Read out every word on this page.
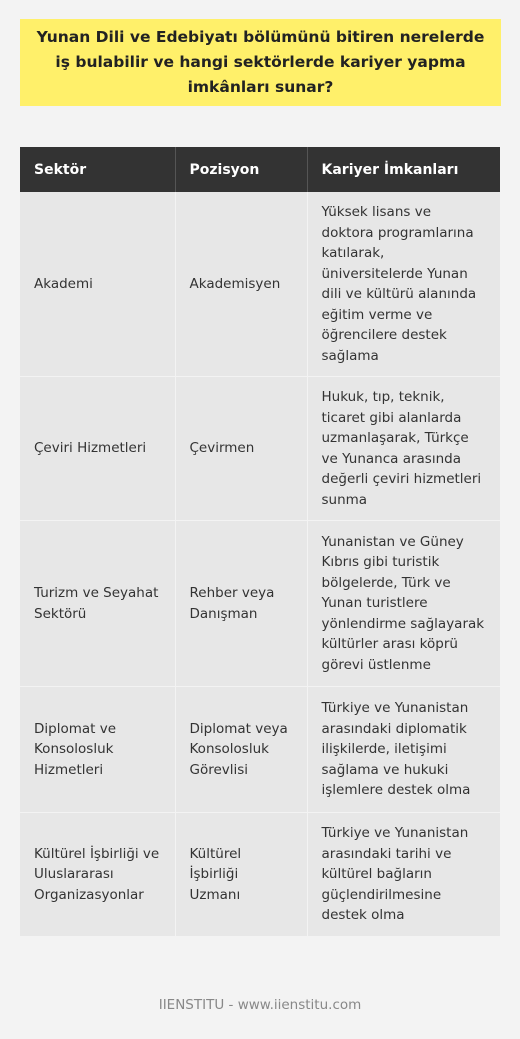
Yunan Dili ve Edebiyatı bölümünü bitiren nerelerde iş bulabilir ve hangi sektörlerde kariyer yapma imkânları sunar?
Sektör	Pozisyon	Kariyer İmkanları
Akademi	Akademisyen	Yüksek lisans ve doktora programlarına katılarak, üniversitelerde Yunan dili ve kültürü alanında eğitim verme ve öğrencilere destek sağlama
Çeviri Hizmetleri	Çevirmen	Hukuk, tıp, teknik, ticaret gibi alanlarda uzmanlaşarak, Türkçe ve Yunanca arasında değerli çeviri hizmetleri sunma
Turizm ve Seyahat Sektörü	Rehber veya Danışman	Yunanistan ve Güney Kıbrıs gibi turistik bölgelerde, Türk ve Yunan turistlere yönlendirme sağlayarak kültürler arası köprü görevi üstlenme
Diplomat ve Konsolosluk Hizmetleri	Diplomat veya Konsolosluk Görevlisi	Türkiye ve Yunanistan arasındaki diplomatik ilişkilerde, iletişimi sağlama ve hukuki işlemlere destek olma
Kültürel İşbirliği ve Uluslararası Organizasyonlar	Kültürel İşbirliği Uzmanı	Türkiye ve Yunanistan arasındaki tarihi ve kültürel bağların güçlendirilmesine destek olma
IIENSTITU - www.iienstitu.com
